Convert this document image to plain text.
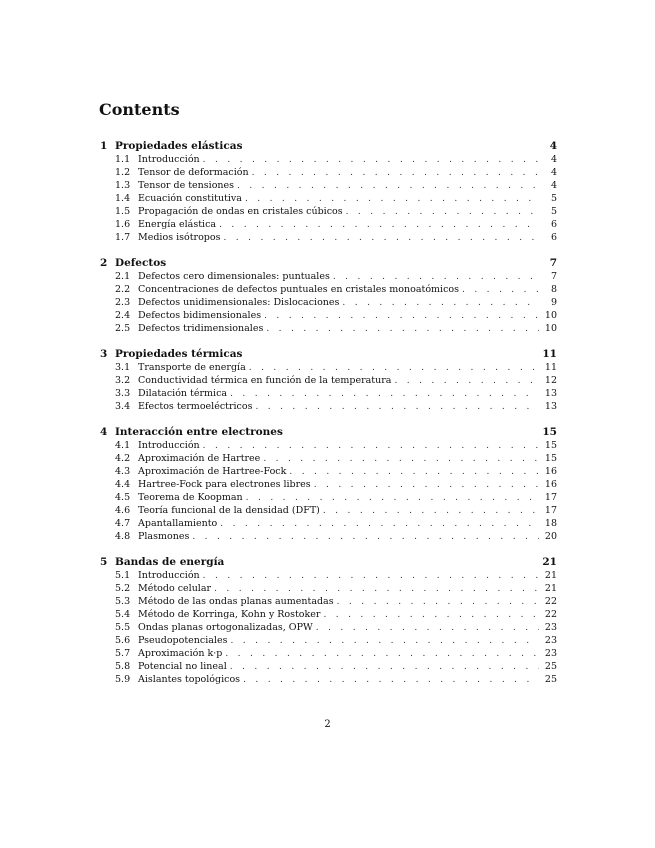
Contents
1 Propiedades elásticas	4
1.1 Introducción . . .	4
1.2 Tensor de deformación . . .	4
1.3 Tensor de tensiones . . .	4
1.4 Ecuación constitutiva . . .	5
1.5 Propagación de ondas en cristales cúbicos . . .	5
1.6 Energía elástica . . .	6
1.7 Medios isótropos . . .	6
2 Defectos	7
2.1 Defectos cero dimensionales: puntuales . . .	7
2.2 Concentraciones de defectos puntuales en cristales monoatómicos . . .	8
2.3 Defectos unidimensionales: Dislocaciones . . .	9
2.4 Defectos bidimensionales . . .	10
2.5 Defectos tridimensionales . . .	10
3 Propiedades térmicas	11
3.1 Transporte de energía . . .	11
3.2 Conductividad térmica en función de la temperatura . . .	12
3.3 Dilatación térmica . . .	13
3.4 Efectos termoeléctricos . . .	13
4 Interacción entre electrones	15
4.1 Introducción . . .	15
4.2 Aproximación de Hartree . . .	15
4.3 Aproximación de Hartree-Fock . . .	16
4.4 Hartree-Fock para electrones libres . . .	16
4.5 Teorema de Koopman . . .	17
4.6 Teoría funcional de la densidad (DFT) . . .	17
4.7 Apantallamiento . . .	18
4.8 Plasmones . . .	20
5 Bandas de energía	21
5.1 Introducción . . .	21
5.2 Método celular . . .	21
5.3 Método de las ondas planas aumentadas . . .	22
5.4 Método de Korringa, Kohn y Rostoker . . .	22
5.5 Ondas planas ortogonalizadas, OPW . . .	23
5.6 Pseudopotenciales . . .	23
5.7 Aproximación k·p . . .	23
5.8 Potencial no lineal . . .	25
5.9 Aislantes topológicos . . .	25
2
